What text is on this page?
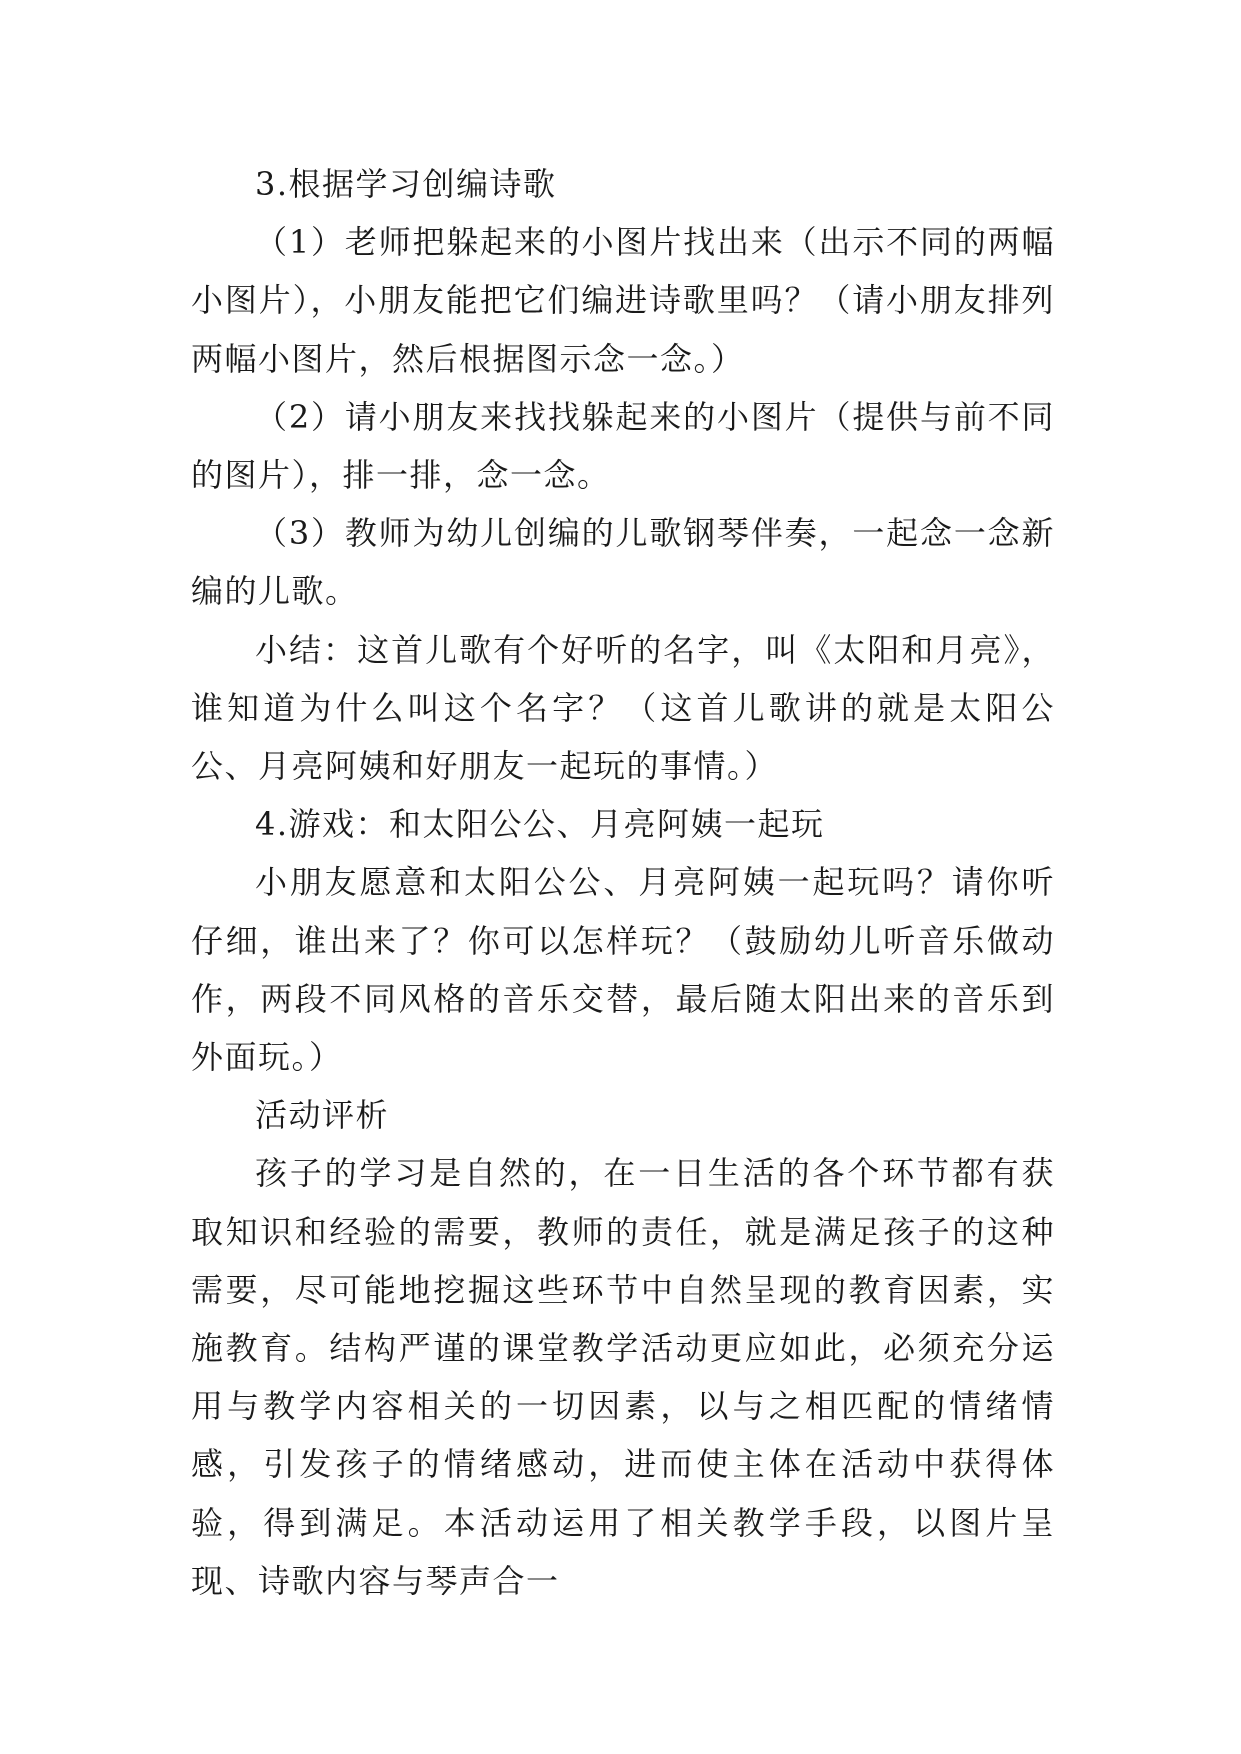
3.根据学习创编诗歌

（1）老师把躲起来的小图片找出来（出示不同的两幅小图片），小朋友能把它们编进诗歌里吗？（请小朋友排列两幅小图片，然后根据图示念一念。）

（2）请小朋友来找找躲起来的小图片（提供与前不同的图片），排一排，念一念。

（3）教师为幼儿创编的儿歌钢琴伴奏，一起念一念新编的儿歌。

小结：这首儿歌有个好听的名字，叫《太阳和月亮》，谁知道为什么叫这个名字？（这首儿歌讲的就是太阳公公、月亮阿姨和好朋友一起玩的事情。）

4.游戏：和太阳公公、月亮阿姨一起玩

小朋友愿意和太阳公公、月亮阿姨一起玩吗？请你听仔细，谁出来了？你可以怎样玩？（鼓励幼儿听音乐做动作，两段不同风格的音乐交替，最后随太阳出来的音乐到外面玩。）

活动评析

孩子的学习是自然的，在一日生活的各个环节都有获取知识和经验的需要，教师的责任，就是满足孩子的这种需要，尽可能地挖掘这些环节中自然呈现的教育因素，实施教育。结构严谨的课堂教学活动更应如此，必须充分运用与教学内容相关的一切因素，以与之相匹配的情绪情感，引发孩子的情绪感动，进而使主体在活动中获得体验，得到满足。本活动运用了相关教学手段，以图片呈现、诗歌内容与琴声合一
